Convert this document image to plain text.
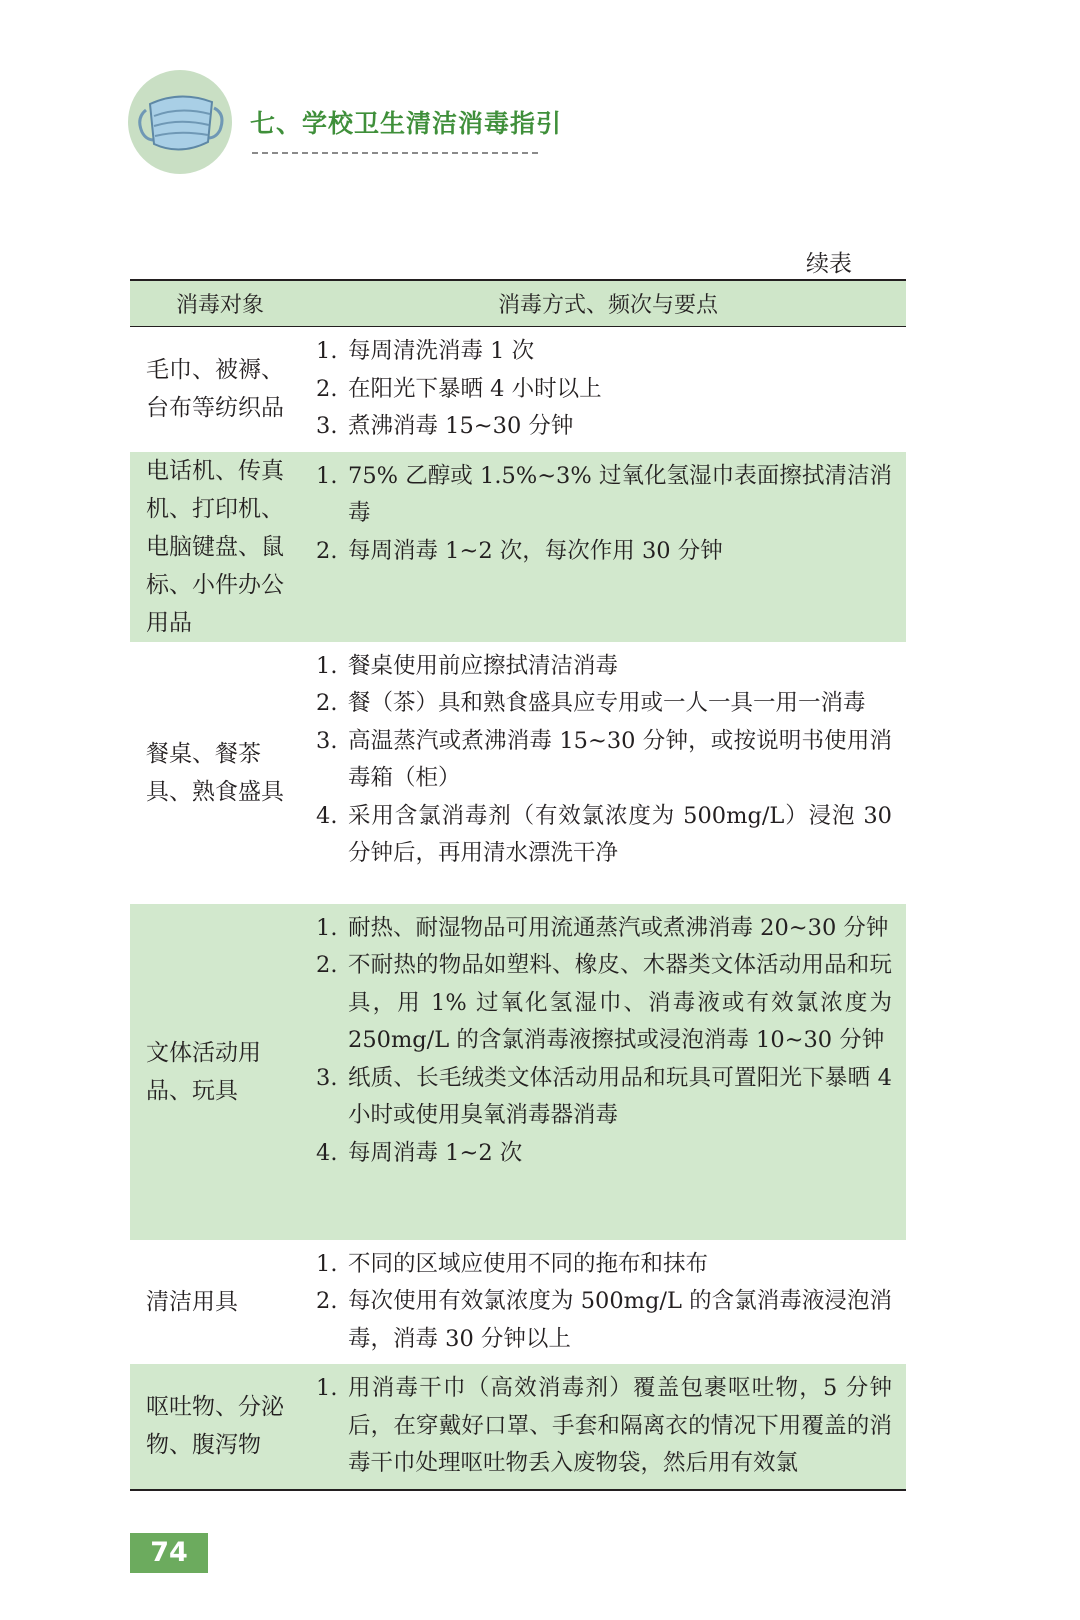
七、学校卫生清洁消毒指引
续表
消毒对象	消毒方式、频次与要点
毛巾、被褥、台布等纺织品
1. 每周清洗消毒 1 次
2. 在阳光下暴晒 4 小时以上
3. 煮沸消毒 15~30 分钟
电话机、传真机、打印机、电脑键盘、鼠标、小件办公用品
1. 75% 乙醇或 1.5%~3% 过氧化氢湿巾表面擦拭清洁消毒
2. 每周消毒 1~2 次，每次作用 30 分钟
餐桌、餐茶具、熟食盛具
1. 餐桌使用前应擦拭清洁消毒
2. 餐（茶）具和熟食盛具应专用或一人一具一用一消毒
3. 高温蒸汽或煮沸消毒 15~30 分钟，或按说明书使用消毒箱（柜）
4. 采用含氯消毒剂（有效氯浓度为 500mg/L）浸泡 30 分钟后，再用清水漂洗干净
文体活动用品、玩具
1. 耐热、耐湿物品可用流通蒸汽或煮沸消毒 20~30 分钟
2. 不耐热的物品如塑料、橡皮、木器类文体活动用品和玩具，用 1% 过氧化氢湿巾、消毒液或有效氯浓度为 250mg/L 的含氯消毒液擦拭或浸泡消毒 10~30 分钟
3. 纸质、长毛绒类文体活动用品和玩具可置阳光下暴晒 4 小时或使用臭氧消毒器消毒
4. 每周消毒 1~2 次
清洁用具
1. 不同的区域应使用不同的拖布和抹布
2. 每次使用有效氯浓度为 500mg/L 的含氯消毒液浸泡消毒，消毒 30 分钟以上
呕吐物、分泌物、腹泻物
1. 用消毒干巾（高效消毒剂）覆盖包裹呕吐物，5 分钟后，在穿戴好口罩、手套和隔离衣的情况下用覆盖的消毒干巾处理呕吐物丢入废物袋，然后用有效氯
74
